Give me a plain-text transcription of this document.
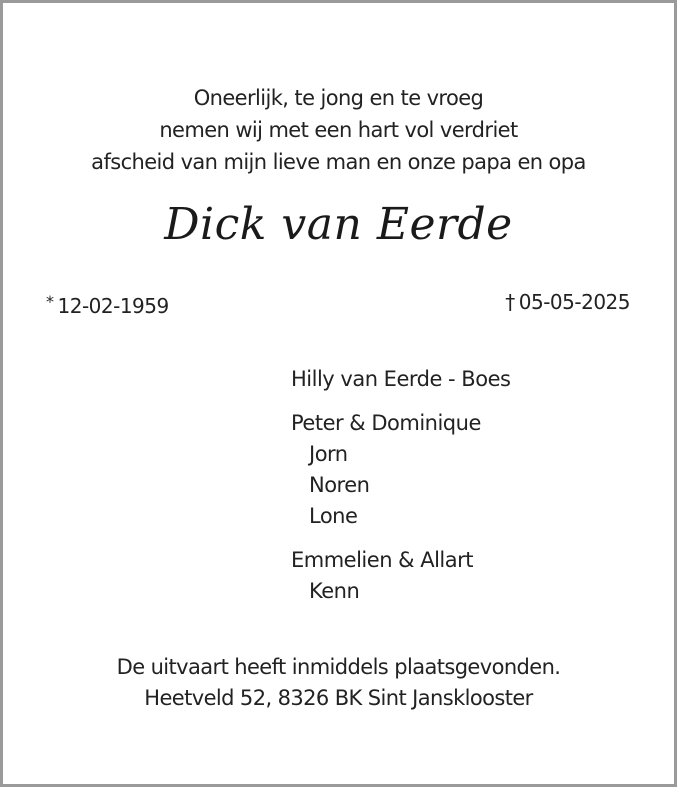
Oneerlijk, te jong en te vroeg
nemen wij met een hart vol verdriet
afscheid van mijn lieve man en onze papa en opa
Dick van Eerde
* 12-02-1959	† 05-05-2025
Hilly van Eerde - Boes
Peter & Dominique
Jorn
Noren
Lone
Emmelien & Allart
Kenn
De uitvaart heeft inmiddels plaatsgevonden.
Heetveld 52, 8326 BK Sint Jansklooster
